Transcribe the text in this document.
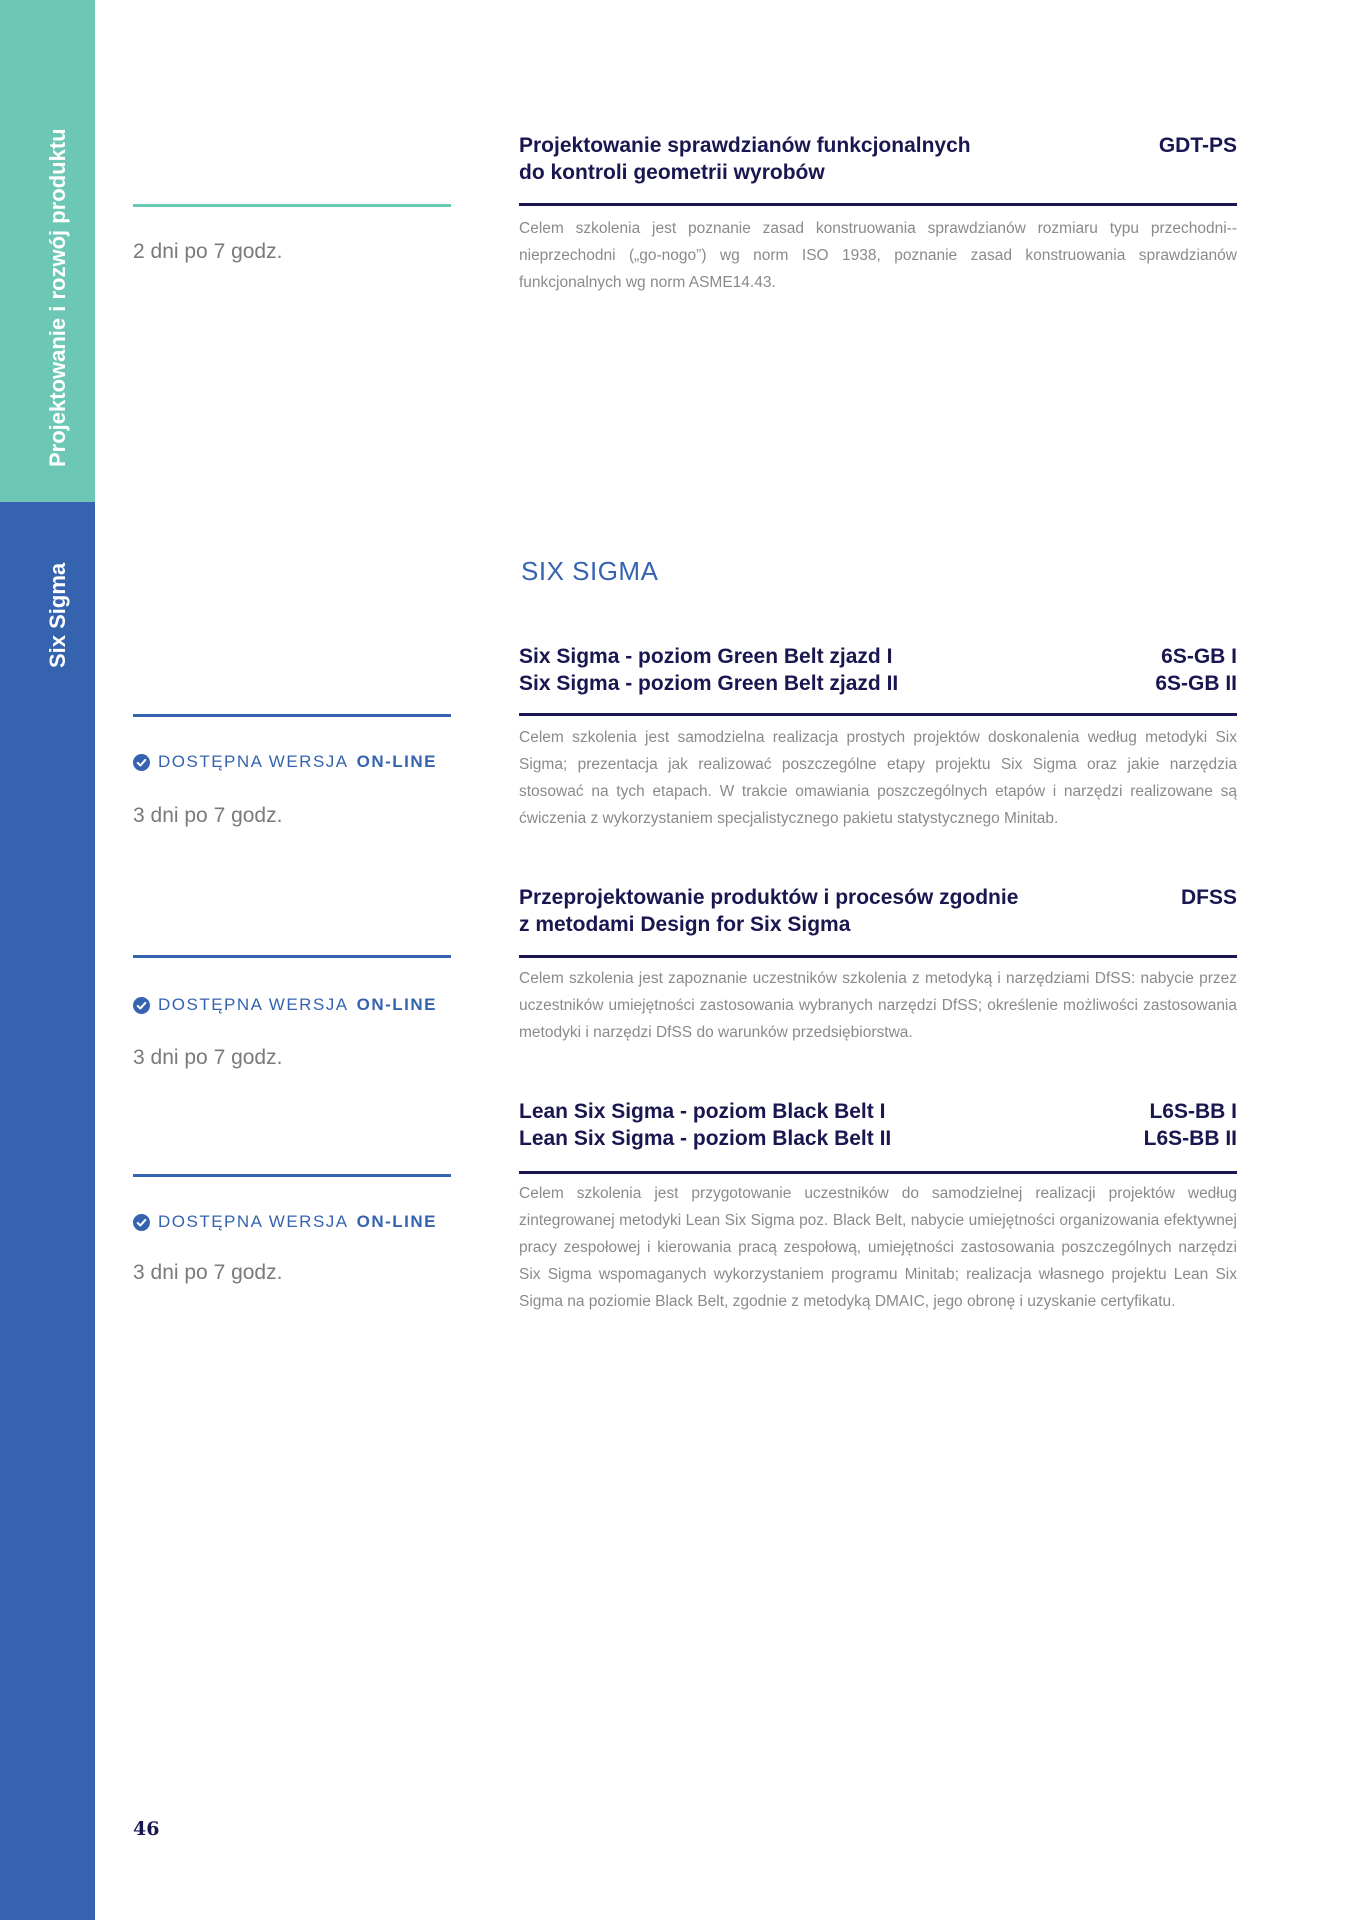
Projektowanie i rozwój produktu
Six Sigma
Projektowanie sprawdzianów funkcjonalnych
do kontroli geometrii wyrobów
GDT-PS
2 dni po 7 godz.
Celem szkolenia jest poznanie zasad konstruowania sprawdzianów rozmiaru typu przechodni--nieprzechodni („go-nogo”) wg norm ISO 1938, poznanie zasad konstruowania sprawdzianów funkcjonalnych wg norm ASME14.43.
SIX SIGMA
Six Sigma - poziom Green Belt zjazd I
Six Sigma - poziom Green Belt zjazd II
6S-GB I
6S-GB II
DOSTĘPNA WERSJA ON-LINE
3 dni po 7 godz.
Celem szkolenia jest samodzielna realizacja prostych projektów doskonalenia według metodyki Six Sigma; prezentacja jak realizować poszczególne etapy projektu Six Sigma oraz jakie narzędzia stosować na tych etapach. W trakcie omawiania poszczególnych etapów i narzędzi realizowane są ćwiczenia z wykorzystaniem specjalistycznego pakietu statystycznego Minitab.
Przeprojektowanie produktów i procesów zgodnie
z metodami Design for Six Sigma
DFSS
DOSTĘPNA WERSJA ON-LINE
3 dni po 7 godz.
Celem szkolenia jest zapoznanie uczestników szkolenia z metodyką i narzędziami DfSS: nabycie przez uczestników umiejętności zastosowania wybranych narzędzi DfSS; określenie możliwości zastosowania metodyki i narzędzi DfSS do warunków przedsiębiorstwa.
Lean Six Sigma - poziom Black Belt I
Lean Six Sigma - poziom Black Belt II
L6S-BB I
L6S-BB II
DOSTĘPNA WERSJA ON-LINE
3 dni po 7 godz.
Celem szkolenia jest przygotowanie uczestników do samodzielnej realizacji projektów według zintegrowanej metodyki Lean Six Sigma poz. Black Belt, nabycie umiejętności organizowania efektywnej pracy zespołowej i kierowania pracą zespołową, umiejętności zastosowania poszczególnych narzędzi Six Sigma wspomaganych wykorzystaniem programu Minitab; realizacja własnego projektu Lean Six Sigma na poziomie Black Belt, zgodnie z metodyką DMAIC, jego obronę i uzyskanie certyfikatu.
46
